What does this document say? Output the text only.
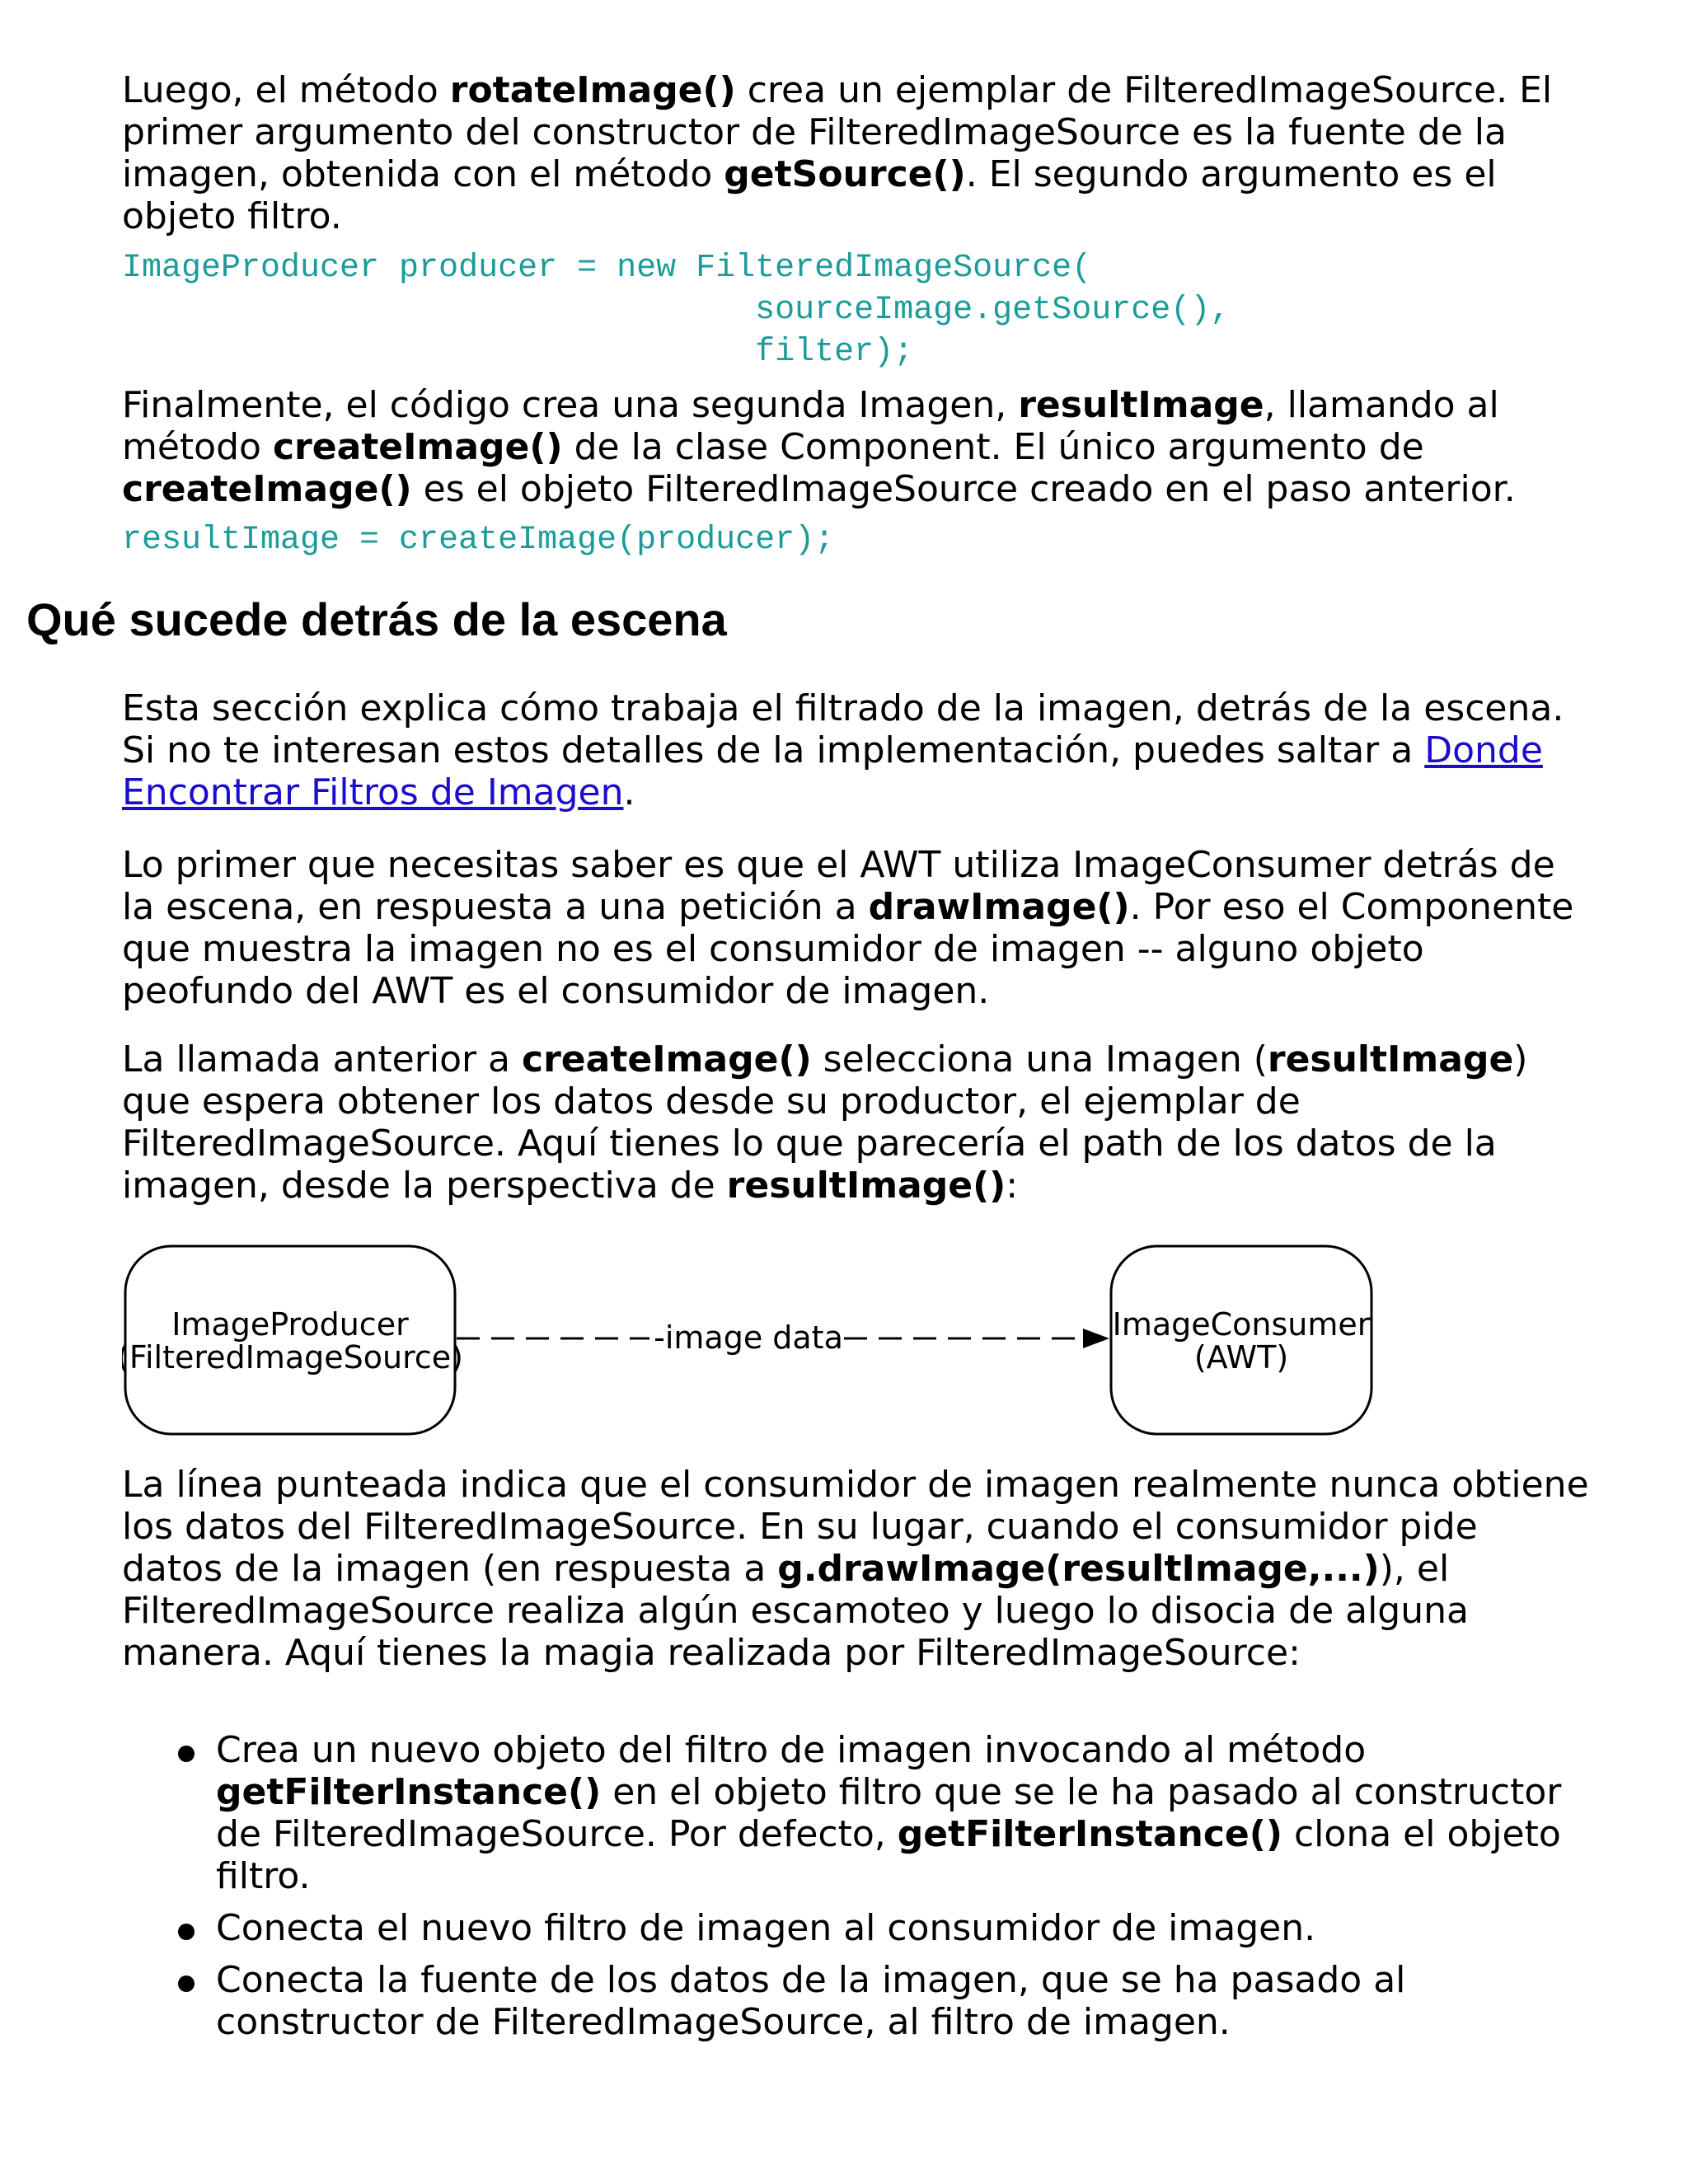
Luego, el método rotateImage() crea un ejemplar de FilteredImageSource. El primer argumento del constructor de FilteredImageSource es la fuente de la imagen, obtenida con el método getSource(). El segundo argumento es el objeto filtro.

ImageProducer producer = new FilteredImageSource(
sourceImage.getSource(),
filter);

Finalmente, el código crea una segunda Imagen, resultImage, llamando al método createImage() de la clase Component. El único argumento de createImage() es el objeto FilteredImageSource creado en el paso anterior.

resultImage = createImage(producer);
Qué sucede detrás de la escena

Esta sección explica cómo trabaja el filtrado de la imagen, detrás de la escena. Si no te interesan estos detalles de la implementación, puedes saltar a Donde Encontrar Filtros de Imagen.

Lo primer que necesitas saber es que el AWT utiliza ImageConsumer detrás de la escena, en respuesta a una petición a drawImage(). Por eso el Componente que muestra la imagen no es el consumidor de imagen -- alguno objeto peofundo del AWT es el consumidor de imagen.

La llamada anterior a createImage() selecciona una Imagen (resultImage) que espera obtener los datos desde su productor, el ejemplar de FilteredImageSource. Aquí tienes lo que parecería el path de los datos de la imagen, desde la perspectiva de resultImage():

ImageProducer
(FilteredImageSource)
-image data	ImageConsumer
(AWT)

La línea punteada indica que el consumidor de imagen realmente nunca obtiene los datos del FilteredImageSource. En su lugar, cuando el consumidor pide datos de la imagen (en respuesta a g.drawImage(resultImage,...)), el FilteredImageSource realiza algún escamoteo y luego lo disocia de alguna manera. Aquí tienes la magia realizada por FilteredImageSource:

Crea un nuevo objeto del filtro de imagen invocando al método getFilterInstance() en el objeto filtro que se le ha pasado al constructor de FilteredImageSource. Por defecto, getFilterInstance() clona el objeto filtro.
Conecta el nuevo filtro de imagen al consumidor de imagen.
Conecta la fuente de los datos de la imagen, que se ha pasado al constructor de FilteredImageSource, al filtro de imagen.
